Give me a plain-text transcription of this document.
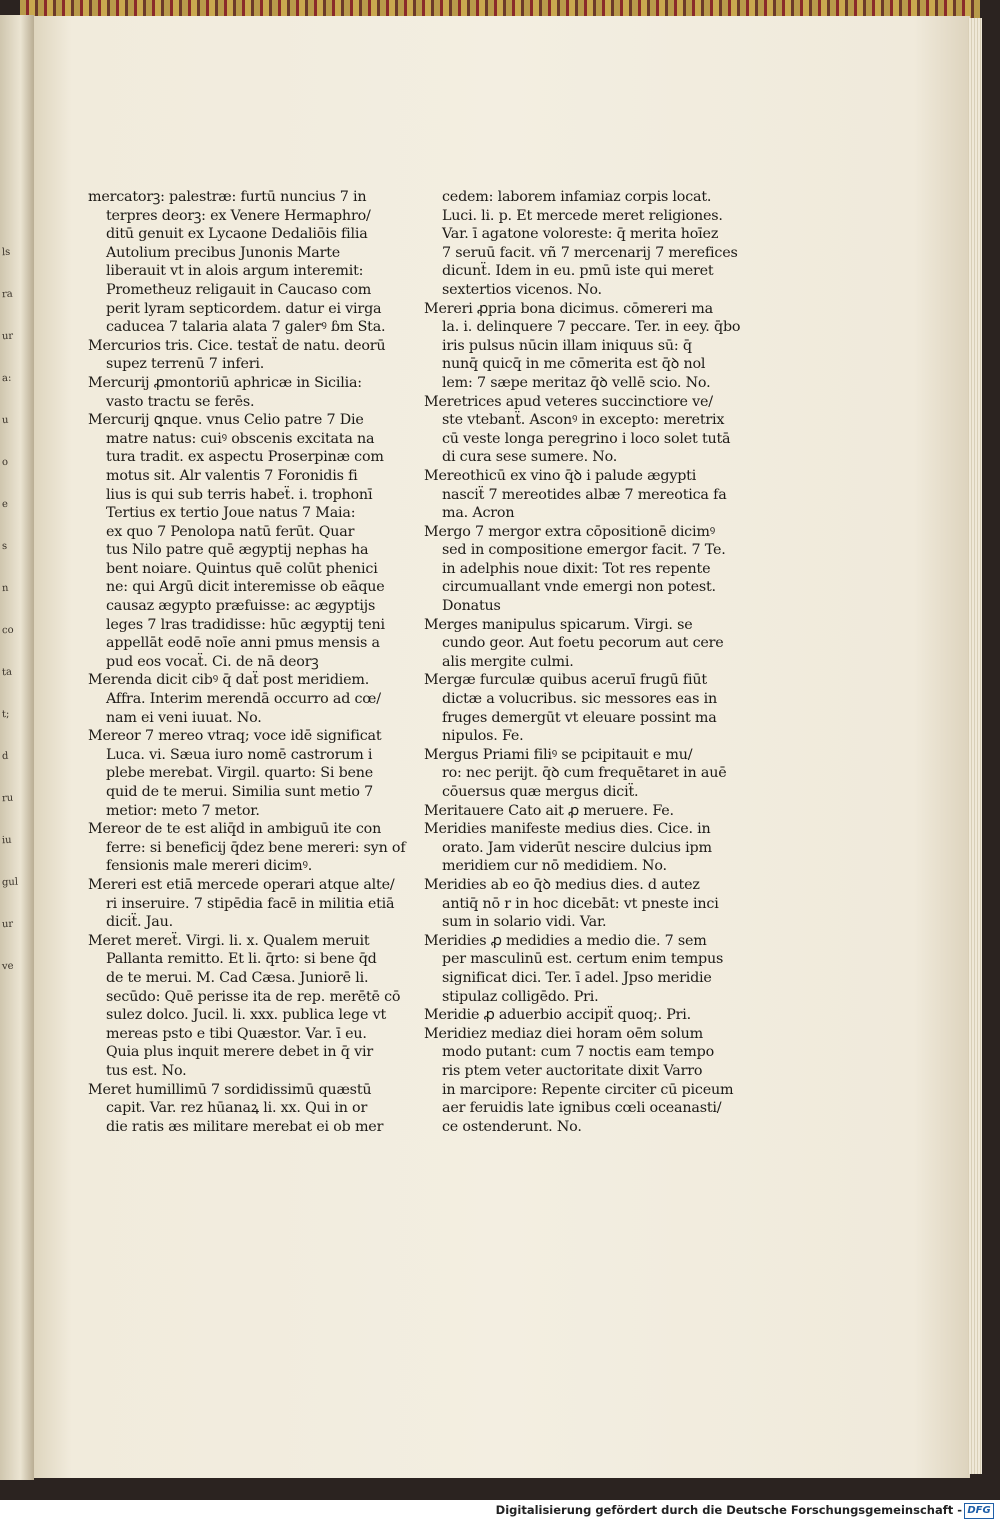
ls
ra
ur
a:
u
o
e
s
n
co
ta
t;
d
ru
iu
gul
ur
ve
mercatorꝫ: palestræ: furtū nuncius 7 in
terpres deorꝫ: ex Venere Hermaphro/
ditū genuit ex Lycaone Dedaliōis filia
Autolium precibus Junonis Marte
liberauit vt in alois argum interemit:
Prometheuz religauit in Caucaso com
perit lyram septicordem. datur ei virga
caducea 7 talaria alata 7 galerꝰ ɓm Sta.
Mercurios tris. Cice. testaẗ de natu. deorū
supez terrenū 7 inferi.
Mercurij ꝓmontoriū aphricæ in Sicilia:
vasto tractu se ferēs.
Mercurij ꝗnque. vnus Celio patre 7 Die
matre natus: cuiꝰ obscenis excitata na
tura tradit. ex aspectu Proserpinæ com
motus sit. Alr valentis 7 Foronidis fi
lius is qui sub terris habeẗ. i. trophonī
Tertius ex tertio Joue natus 7 Maia:
ex quo 7 Penolopa natū ferūt. Quar
tus Nilo patre quē ægyptij nephas ha
bent noiare. Quintus quē colūt phenici
ne: qui Argū dicit interemisse ob eāque
causaz ægypto præfuisse: ac ægyptijs
leges 7 lras tradidisse: hūc ægyptij teni
appellāt eodē noīe anni pmus mensis a
pud eos vocaẗ. Ci. de nā deorꝫ
Merenda dicit cibꝰ q̄ daẗ post meridiem.
Affra. Interim merendā occurro ad cœ/
nam ei veni iuuat. No.
Mereor 7 mereo vtraq; voce idē significat
Luca. vi. Sæua iuro nomē castrorum i
plebe merebat. Virgil. quarto: Si bene
quid de te merui. Similia sunt metio 7
metior: meto 7 metor.
Mereor de te est aliq̄d in ambiguū ite con
ferre: si beneficij q̄dez bene mereri: syn of
fensionis male mereri dicimꝰ.
Mereri est etiā mercede operari atque alte/
ri inseruire. 7 stipēdia facē in militia etiā
diciẗ. Jau.
Meret mereẗ. Virgi. li. x. Qualem meruit
Pallanta remitto. Et li. q̄rto: si bene q̄d
de te merui. M. Cad Cæsa. Juniorē li.
secūdo: Quē perisse ita de rep. merētē cō
sulez dolco. Jucil. li. xxx. publica lege vt
mereas psto e tibi Quæstor. Var. ī eu.
Quia plus inquit merere debet in q̄ vir
tus est. No.
Meret humillimū 7 sordidissimū quæstū
capit. Var. rez hūanaꝝ li. xx. Qui in or
die ratis æs militare merebat ei ob mer
cedem: laborem infamiaz corpis locat.
Luci. li. p. Et mercede meret religiones.
Var. ī agatone voloreste: q̄ merita hoīez
7 seruū facit. vñ 7 mercenarij 7 merefices
dicunẗ. Idem in eu. pmū iste qui meret
sextertios vicenos. No.
Mereri ꝓpria bona dicimus. cōmereri ma
la. i. delinquere 7 peccare. Ter. in eey. q̄bo
iris pulsus nūcin illam iniquus sū: q̄
nunq̄ quicq̄ in me cōmerita est q̄ꝺ nol
lem: 7 sæpe meritaz q̄ꝺ vellē scio. No.
Meretrices apud veteres succinctiore ve/
ste vtebanẗ. Asconꝰ in excepto: meretrix
cū veste longa peregrino i loco solet tutā
di cura sese sumere. No.
Mereothicū ex vino q̄ꝺ i palude ægypti
nasciẗ 7 mereotides albæ 7 mereotica fa
ma. Acron
Mergo 7 mergor extra cōpositionē dicimꝰ
sed in compositione emergor facit. 7 Te.
in adelphis noue dixit: Tot res repente
circumuallant vnde emergi non potest.
Donatus
Merges manipulus spicarum. Virgi. se
cundo geor. Aut foetu pecorum aut cere
alis mergite culmi.
Mergæ furculæ quibus aceruī frugū fiūt
dictæ a volucribus. sic messores eas in
fruges demergūt vt eleuare possint ma
nipulos. Fe.
Mergus Priami filiꝰ se pcipitauit e mu/
ro: nec perijt. q̄ꝺ cum frequētaret in auē
cōuersus quæ mergus diciẗ.
Meritauere Cato ait ꝓ meruere. Fe.
Meridies manifeste medius dies. Cice. in
orato. Jam viderūt nescire dulcius ipm
meridiem cur nō medidiem. No.
Meridies ab eo q̄ꝺ medius dies. d autez
antiq̄ nō r in hoc dicebāt: vt pneste inci
sum in solario vidi. Var.
Meridies ꝓ medidies a medio die. 7 sem
per masculinū est. certum enim tempus
significat dici. Ter. ī adel. Jpso meridie
stipulaz colligēdo. Pri.
Meridie ꝓ aduerbio accipiẗ quoq;. Pri.
Meridiez mediaz diei horam oēm solum
modo putant: cum 7 noctis eam tempo
ris ptem veter auctoritate dixit Varro
in marcipore: Repente circiter cū piceum
aer feruidis late ignibus cœli oceanasti/
ce ostenderunt. No.
Digitalisierung gefördert durch die Deutsche Forschungsgemeinschaft - DFG
